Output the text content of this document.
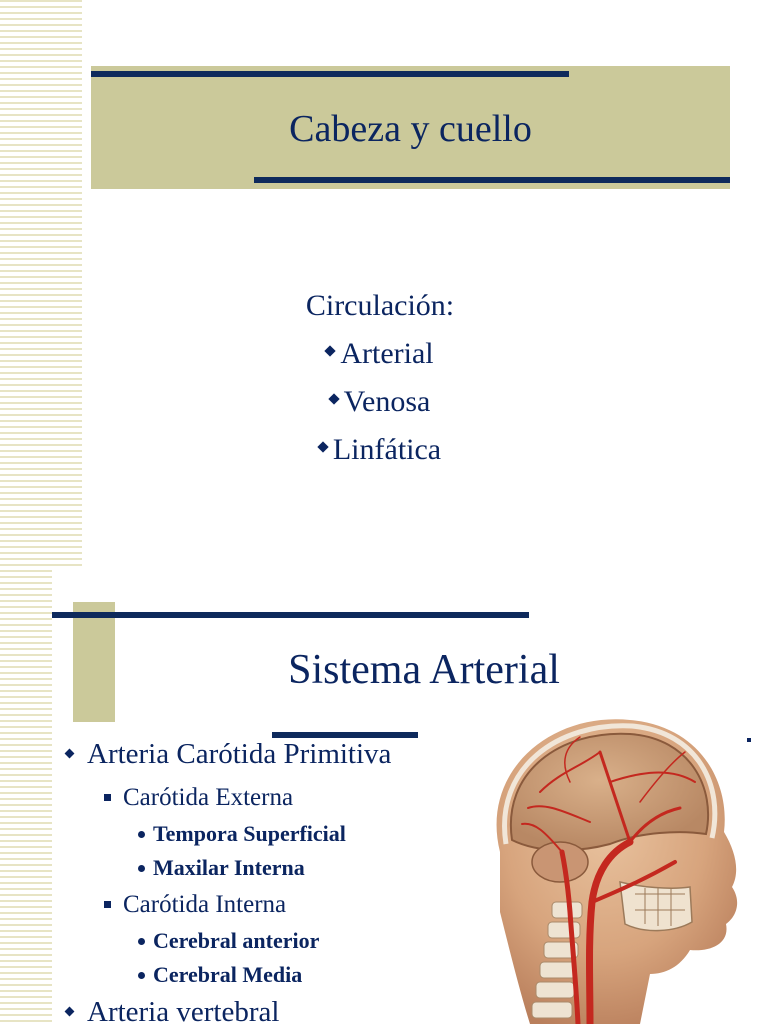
Cabeza y cuello
Circulación:
Arterial
Venosa
Linfática
Sistema Arterial
Arteria Carótida Primitiva
Carótida Externa
Tempora Superficial
Maxilar Interna
Carótida Interna
Cerebral anterior
Cerebral Media
Arteria vertebral
